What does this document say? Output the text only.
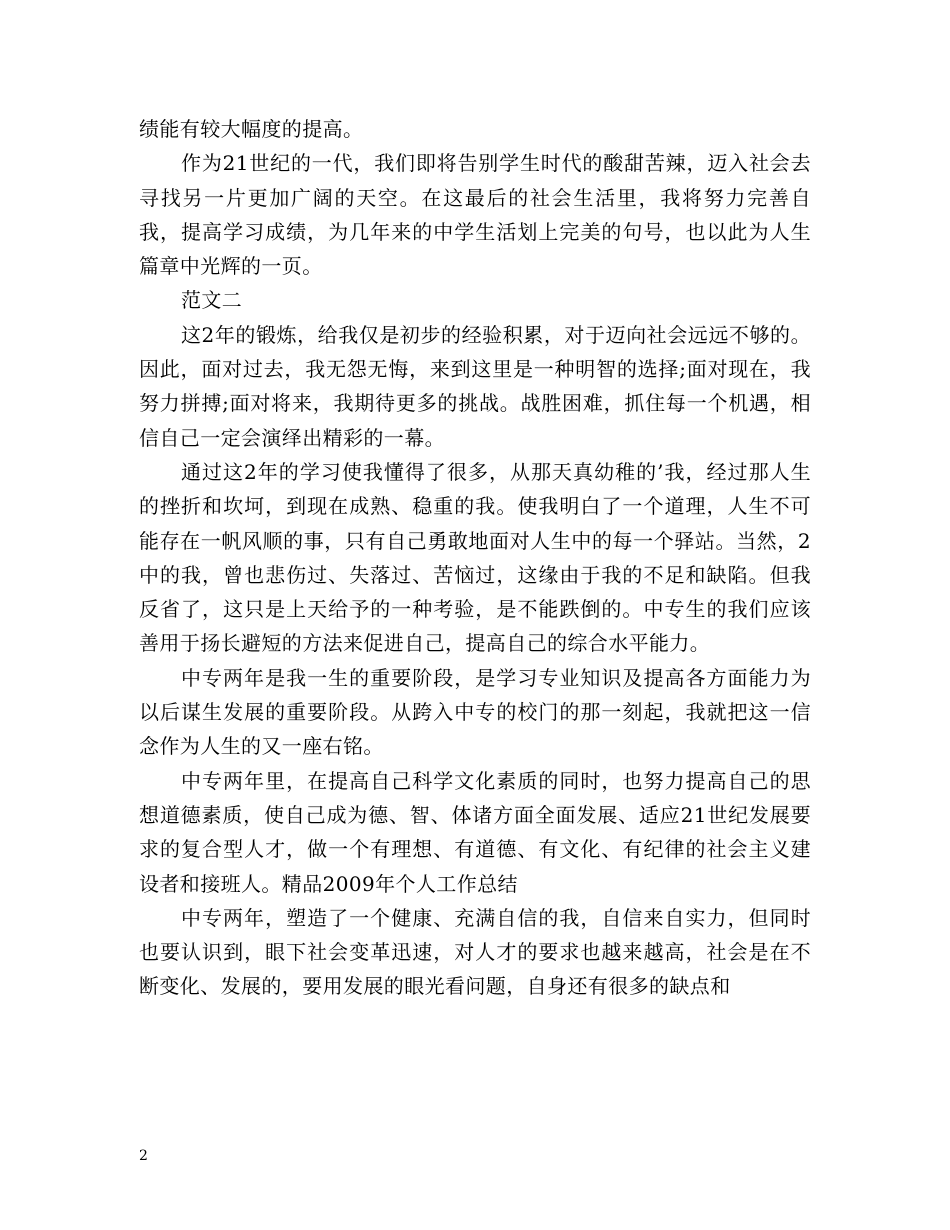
绩能有较大幅度的提高。

作为21世纪的一代，我们即将告别学生时代的酸甜苦辣，迈入社会去寻找另一片更加广阔的天空。在这最后的社会生活里，我将努力完善自我，提高学习成绩，为几年来的中学生活划上完美的句号，也以此为人生篇章中光辉的一页。

范文二

这2年的锻炼，给我仅是初步的经验积累，对于迈向社会远远不够的。因此，面对过去，我无怨无悔，来到这里是一种明智的选择;面对现在，我努力拼搏;面对将来，我期待更多的挑战。战胜困难，抓住每一个机遇，相信自己一定会演绎出精彩的一幕。

通过这2年的学习使我懂得了很多，从那天真幼稚的’我，经过那人生的挫折和坎坷，到现在成熟、稳重的我。使我明白了一个道理，人生不可能存在一帆风顺的事，只有自己勇敢地面对人生中的每一个驿站。当然，2中的我，曾也悲伤过、失落过、苦恼过，这缘由于我的不足和缺陷。但我反省了，这只是上天给予的一种考验，是不能跌倒的。中专生的我们应该善用于扬长避短的方法来促进自己，提高自己的综合水平能力。

中专两年是我一生的重要阶段，是学习专业知识及提高各方面能力为以后谋生发展的重要阶段。从跨入中专的校门的那一刻起，我就把这一信念作为人生的又一座右铭。

中专两年里，在提高自己科学文化素质的同时，也努力提高自己的思想道德素质，使自己成为德、智、体诸方面全面发展、适应21世纪发展要求的复合型人才，做一个有理想、有道德、有文化、有纪律的社会主义建设者和接班人。精品2009年个人工作总结

中专两年，塑造了一个健康、充满自信的我，自信来自实力，但同时也要认识到，眼下社会变革迅速，对人才的要求也越来越高，社会是在不断变化、发展的，要用发展的眼光看问题，自身还有很多的缺点和

2
